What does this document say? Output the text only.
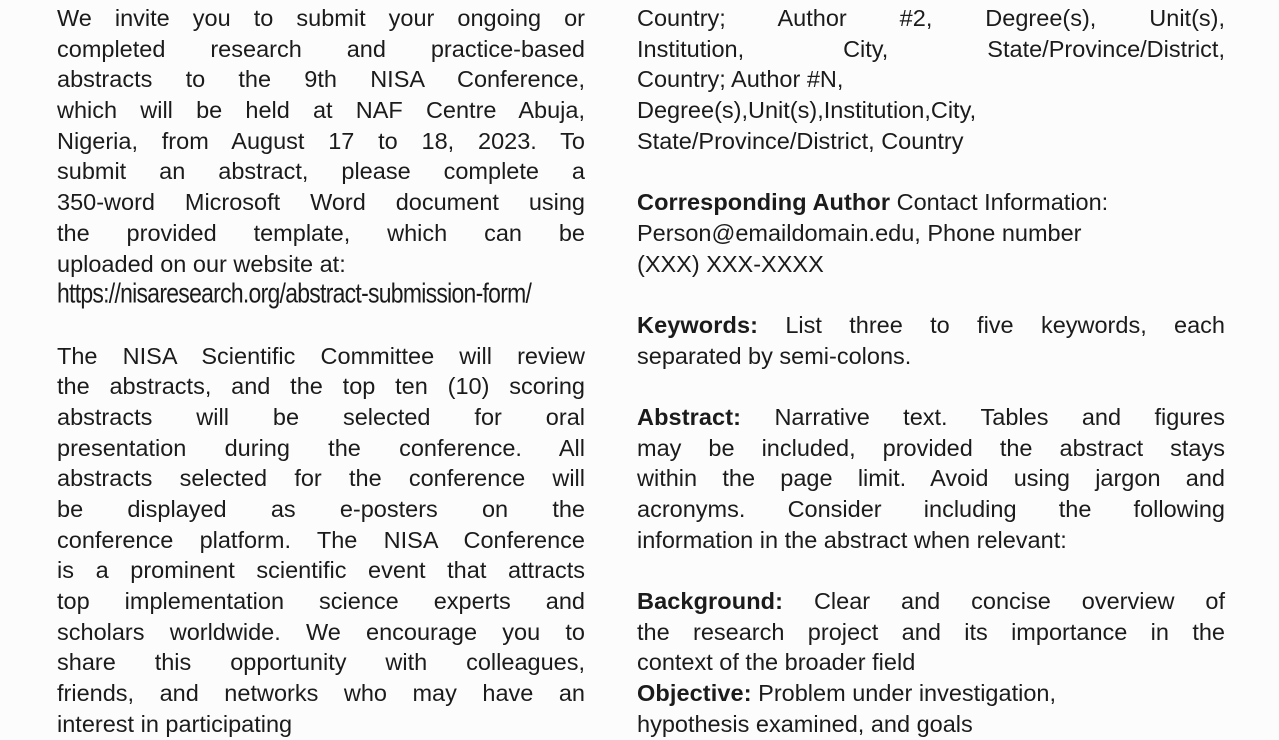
We invite you to submit your ongoing or
completed research and practice-based
abstracts to the 9th NISA Conference,
which will be held at NAF Centre Abuja,
Nigeria, from August 17 to 18, 2023. To
submit an abstract, please complete a
350-word Microsoft Word document using
the provided template, which can be
uploaded on our website at:

https://nisaresearch.org/abstract-submission-form/

The NISA Scientific Committee will review
the abstracts, and the top ten (10) scoring
abstracts will be selected for oral
presentation during the conference. All
abstracts selected for the conference will
be displayed as e-posters on the
conference platform. The NISA Conference
is a prominent scientific event that attracts
top implementation science experts and
scholars worldwide. We encourage you to
share this opportunity with colleagues,
friends, and networks who may have an
interest in participating

Country; Author #2, Degree(s), Unit(s),
Institution, City, State/Province/District,
Country; Author #N,
Degree(s),Unit(s),Institution,City,
State/Province/District, Country

Corresponding Author Contact Information:
Person@emaildomain.edu, Phone number
(XXX) XXX-XXXX

Keywords: List three to five keywords, each
separated by semi-colons.

Abstract: Narrative text. Tables and figures
may be included, provided the abstract stays
within the page limit. Avoid using jargon and
acronyms. Consider including the following
information in the abstract when relevant:

Background: Clear and concise overview of
the research project and its importance in the
context of the broader field

Objective: Problem under investigation,
hypothesis examined, and goals
